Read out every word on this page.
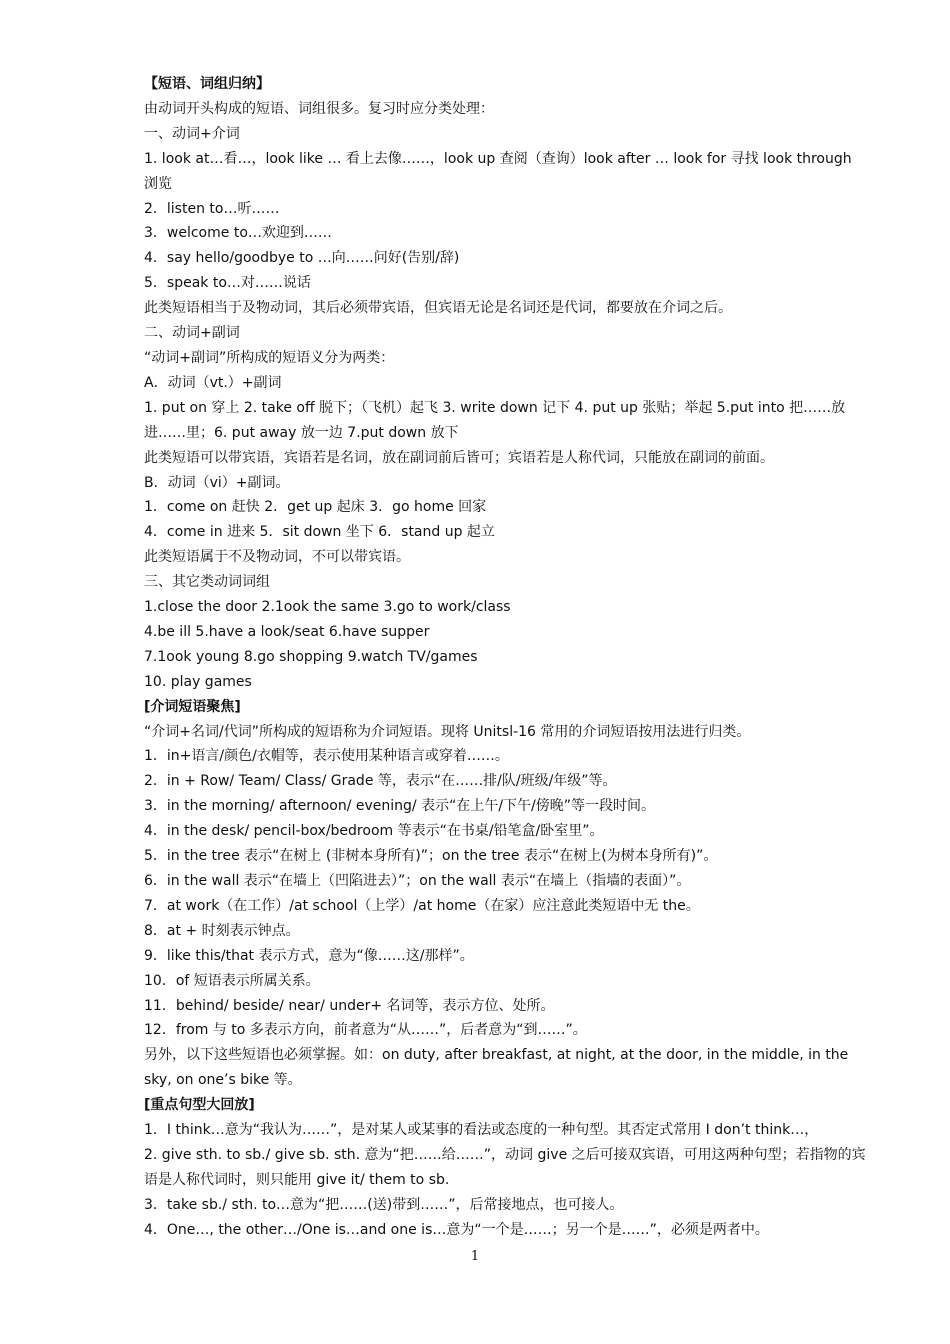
【短语、词组归纳】
由动词开头构成的短语、词组很多。复习时应分类处理：
一、动词+介词
1. look at…看…，look like … 看上去像……，look up 查阅（查询）look after … look for 寻找 look through 浏览
2．listen to…听……
3．welcome to…欢迎到……
4．say hello/goodbye to …向……问好(告别/辞)
5．speak to…对……说话
此类短语相当于及物动词，其后必须带宾语，但宾语无论是名词还是代词，都要放在介词之后。
二、动词+副词
“动词+副词”所构成的短语义分为两类：
A．动词（vt.）+副词
1. put on 穿上 2. take off 脱下；（飞机）起飞 3. write down 记下 4. put up 张贴；举起 5.put into 把……放进……里；6. put away 放一边 7.put down 放下
此类短语可以带宾语，宾语若是名词，放在副词前后皆可；宾语若是人称代词，只能放在副词的前面。
B．动词（vi）+副词。
1．come on 赶快 2．get up 起床 3．go home 回家
4．come in 进来 5．sit down 坐下 6．stand up 起立
此类短语属于不及物动词，不可以带宾语。
三、其它类动词词组
1.close the door 2.1ook the same 3.go to work/class
4.be ill 5.have a look/seat 6.have supper
7.1ook young 8.go shopping 9.watch TV/games
10. play games
[介词短语聚焦]
“介词+名词/代词”所构成的短语称为介词短语。现将 Unitsl-16 常用的介词短语按用法进行归类。
1．in+语言/颜色/衣帽等，表示使用某种语言或穿着……。
2．in + Row/ Team/ Class/ Grade 等，表示“在……排/队/班级/年级”等。
3．in the morning/ afternoon/ evening/ 表示“在上午/下午/傍晚”等一段时间。
4．in the desk/ pencil-box/bedroom 等表示“在书桌/铅笔盒/卧室里”。
5．in the tree 表示“在树上 (非树本身所有)”；on the tree 表示“在树上(为树本身所有)”。
6．in the wall 表示“在墙上（凹陷进去）”；on the wall 表示“在墙上（指墙的表面）”。
7．at work（在工作）/at school（上学）/at home（在家）应注意此类短语中无 the。
8．at + 时刻表示钟点。
9．like this/that 表示方式，意为“像……这/那样”。
10．of 短语表示所属关系。
11．behind/ beside/ near/ under+ 名词等，表示方位、处所。
12．from 与 to 多表示方向，前者意为“从……”，后者意为“到……”。
另外，以下这些短语也必须掌握。如：on duty, after breakfast, at night, at the door, in the middle, in the sky, on one’s bike 等。
[重点句型大回放]
1．I think…意为“我认为……”，是对某人或某事的看法或态度的一种句型。其否定式常用 I don’t think…，
2. give sth. to sb./ give sb. sth. 意为“把……给……”，动词 give 之后可接双宾语，可用这两种句型；若指物的宾语是人称代词时，则只能用 give it/ them to sb.
3．take sb./ sth. to…意为“把……(送)带到……”，后常接地点，也可接人。
4．One…, the other…/One is…and one is…意为“一个是……；另一个是……”，必须是两者中。
1
